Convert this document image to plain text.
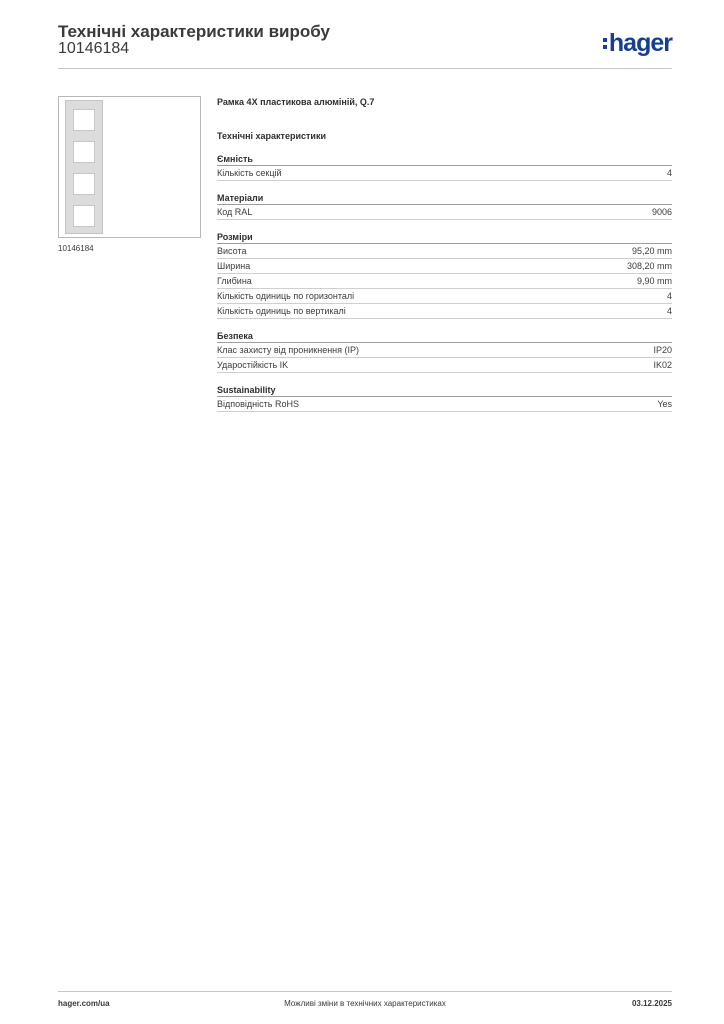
Технічні характеристики виробу
10146184	hager
10146184
Рамка 4X пластикова алюміній, Q.7
Технічні характеристики
Ємність
Кількість секцій	4
Матеріали
Код RAL	9006
Розміри
Висота	95,20 mm
Ширина	308,20 mm
Глибина	9,90 mm
Кількість одиниць по горизонталі	4
Кількість одиниць по вертикалі	4
Безпека
Клас захисту від проникнення (IP)	IP20
Ударостійкість IK	IK02
Sustainability
Відповідність RoHS	Yes
hager.com/ua	Можливі зміни в технічних характеристиках	03.12.2025
